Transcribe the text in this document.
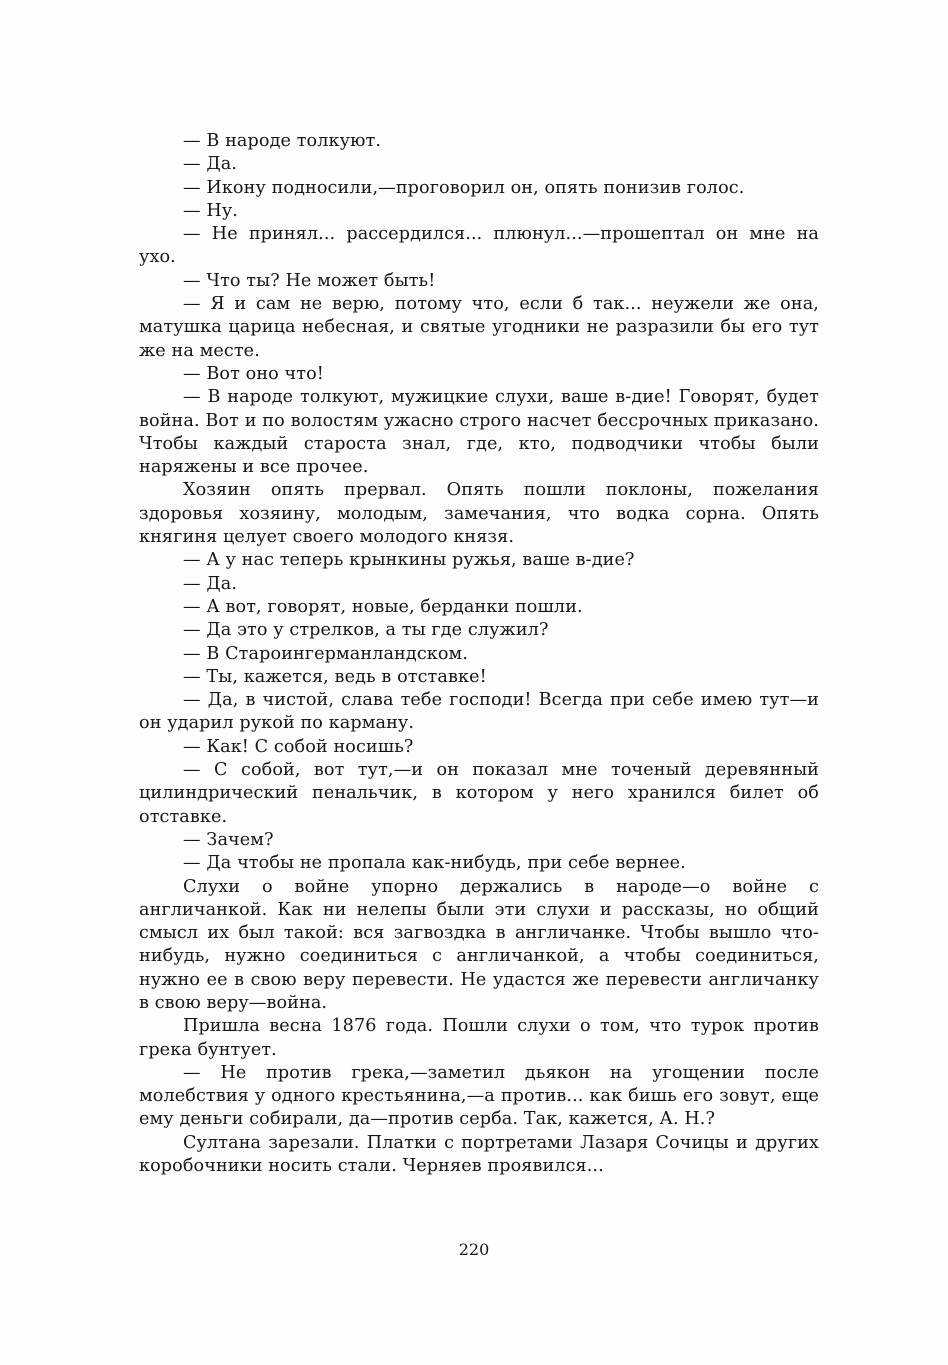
— В народе толкуют.

— Да.

— Икону подносили,—проговорил он, опять понизив голос.

— Ну.

— Не принял... рассердился... плюнул...—прошептал он мне на ухо.

— Что ты? Не может быть!

— Я и сам не верю, потому что, если б так... неужели же она, матушка царица небесная, и святые угодники не разразили бы его тут же на месте.

— Вот оно что!

— В народе толкуют, мужицкие слухи, ваше в-дие! Говорят, будет война. Вот и по волостям ужасно строго насчет бессрочных приказано. Чтобы каждый староста знал, где, кто, подводчики чтобы были наряжены и все прочее.

Хозяин опять прервал. Опять пошли поклоны, пожелания здоровья хозяину, молодым, замечания, что водка сорна. Опять княгиня целует своего молодого князя.

— А у нас теперь крынкины ружья, ваше в-дие?

— Да.

— А вот, говорят, новые, берданки пошли.

— Да это у стрелков, а ты где служил?

— В Староингерманландском.

— Ты, кажется, ведь в отставке!

— Да, в чистой, слава тебе господи! Всегда при себе имею тут—и он ударил рукой по карману.

— Как! С собой носишь?

— С собой, вот тут,—и он показал мне точеный деревянный цилиндрический пенальчик, в котором у него хранился билет об отставке.

— Зачем?

— Да чтобы не пропала как-нибудь, при себе вернее.

Слухи о войне упорно держались в народе—о войне с англичанкой. Как ни нелепы были эти слухи и рассказы, но общий смысл их был такой: вся загвоздка в англичанке. Чтобы вышло что-нибудь, нужно соединиться с англичанкой, а чтобы соединиться, нужно ее в свою веру перевести. Не удастся же перевести англичанку в свою веру—война.

Пришла весна 1876 года. Пошли слухи о том, что турок против грека бунтует.

— Не против грека,—заметил дьякон на угощении после молебствия у одного крестьянина,—а против... как бишь его зовут, еще ему деньги собирали, да—против серба. Так, кажется, А. Н.?

Султана зарезали. Платки с портретами Лазаря Сочицы и других коробочники носить стали. Черняев проявился...

220
